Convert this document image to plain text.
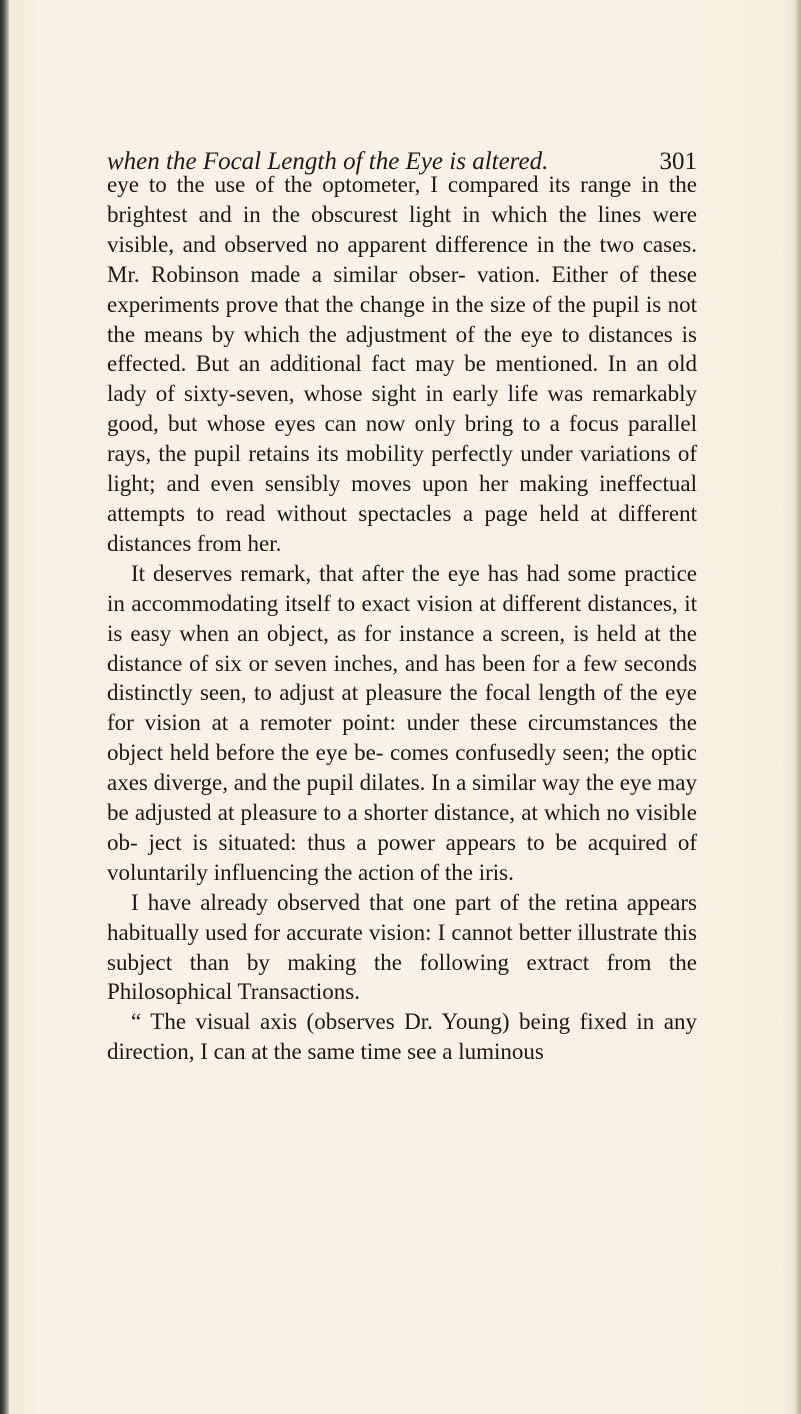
when the Focal Length of the Eye is altered.	301

eye to the use of the optometer, I compared its range in the brightest and in the obscurest light in which the lines were visible, and observed no apparent difference in the two cases. Mr. Robinson made a similar obser- vation. Either of these experiments prove that the change in the size of the pupil is not the means by which the adjustment of the eye to distances is effected. But an additional fact may be mentioned. In an old lady of sixty-seven, whose sight in early life was remarkably good, but whose eyes can now only bring to a focus parallel rays, the pupil retains its mobility perfectly under variations of light; and even sensibly moves upon her making ineffectual attempts to read without spectacles a page held at different distances from her.

It deserves remark, that after the eye has had some practice in accommodating itself to exact vision at different distances, it is easy when an object, as for instance a screen, is held at the distance of six or seven inches, and has been for a few seconds distinctly seen, to adjust at pleasure the focal length of the eye for vision at a remoter point: under these circumstances the object held before the eye be- comes confusedly seen; the optic axes diverge, and the pupil dilates. In a similar way the eye may be adjusted at pleasure to a shorter distance, at which no visible ob- ject is situated: thus a power appears to be acquired of voluntarily influencing the action of the iris.

I have already observed that one part of the retina appears habitually used for accurate vision: I cannot better illustrate this subject than by making the following extract from the Philosophical Transactions.

“ The visual axis (observes Dr. Young) being fixed in any direction, I can at the same time see a luminous
